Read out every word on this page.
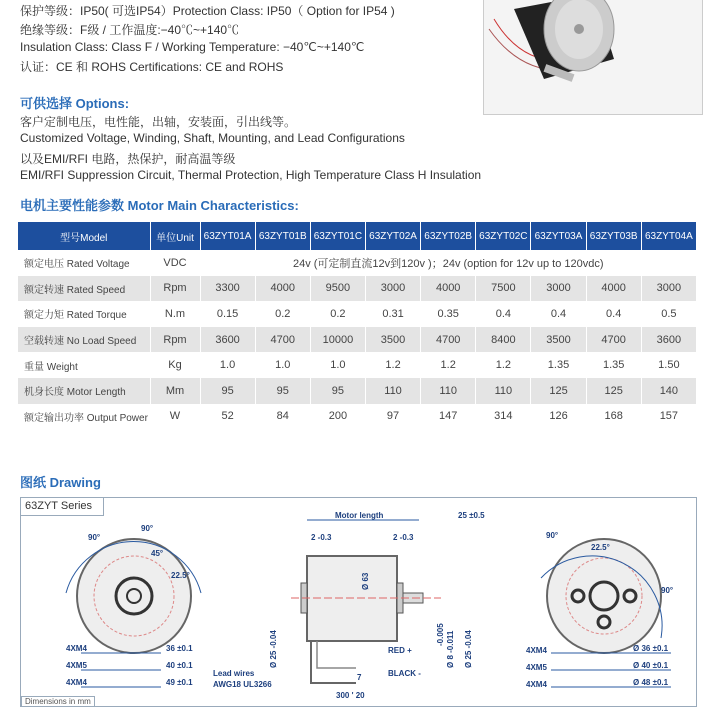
保护等级：IP50( 可选IP54）Protection Class: IP50（ Option for IP54 )
绝缘等级：F级 / 工作温度:−40℃~+140℃
Insulation Class: Class F / Working Temperature: −40℃~+140℃
认证：CE 和 ROHS Certifications: CE and ROHS
可供选择 Options:
客户定制电压，电性能，出轴，安装面，引出线等。
Customized Voltage, Winding, Shaft, Mounting, and Lead Configurations
以及EMI/RFI 电路，热保护，耐高温等级
EMI/RFI Suppression Circuit, Thermal Protection, High Temperature Class H Insulation
电机主要性能参数 Motor Main Characteristics:
型号Model	单位Unit	63ZYT01A	63ZYT01B	63ZYT01C	63ZYT02A	63ZYT02B	63ZYT02C	63ZYT03A	63ZYT03B	63ZYT04A
额定电压 Rated Voltage	VDC	24v (可定制直流12v到120v )；24v (option for 12v up to 120vdc)								
额定转速 Rated Speed	Rpm	3300	4000	9500	3000	4000	7500	3000	4000	3000
额定力矩 Rated Torque	N.m	0.15	0.2	0.2	0.31	0.35	0.4	0.4	0.4	0.5
空载转速 No Load Speed	Rpm	3600	4700	10000	3500	4700	8400	3500	4700	3600
重量 Weight	Kg	1.0	1.0	1.0	1.2	1.2	1.2	1.35	1.35	1.50
机身长度 Motor Length	Mm	95	95	95	110	110	110	125	125	140
额定输出功率 Output Power	W	52	84	200	97	147	314	126	168	157
图纸 Drawing
63ZYT Series
90°
90°
45°
22.5°
4XM4
4XM5
4XM4
36 ±0.1
40 ±0.1
49 ±0.1
Motor length	25 ±0.5
2 -0.3	2 -0.3
Ø 63
Ø 25 -0.04	-0.005 Ø 8 -0.011 Ø 25 -0.04
RED +
BLACK -
Lead wires
AWG18 UL3266
7
300 ' 20
90°
22.5°
90°
4XM4
4XM5
4XM4
Ø 36 ±0.1
Ø 40 ±0.1
Ø 48 ±0.1
Dimensions in mm
